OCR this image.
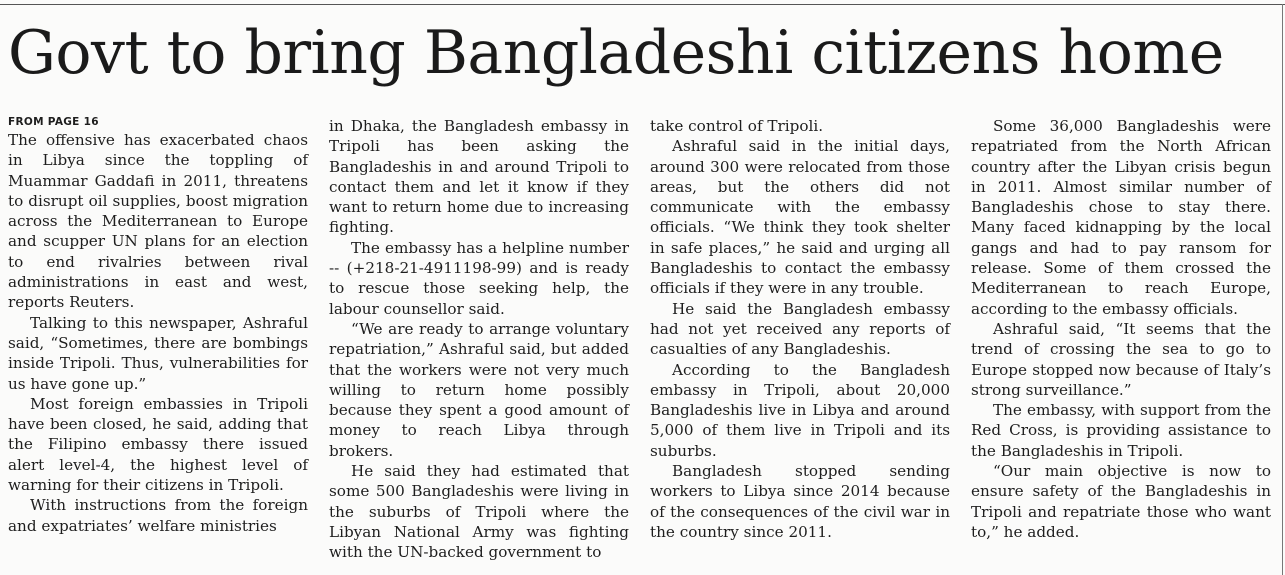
Govt to bring Bangladeshi citizens home
FROM PAGE 16

The offensive has exacerbated chaos in Libya since the toppling of Muammar Gaddafi in 2011, threatens to disrupt oil supplies, boost migration across the Mediterranean to Europe and scupper UN plans for an election to end rivalries between rival administrations in east and west, reports Reuters.

Talking to this newspaper, Ashraful said, “Sometimes, there are bombings inside Tripoli. Thus, vulnerabilities for us have gone up.”

Most foreign embassies in Tripoli have been closed, he said, adding that the Filipino embassy there issued alert level-4, the highest level of warning for their citizens in Tripoli.

With instructions from the foreign and expatriates’ welfare ministries

in Dhaka, the Bangladesh embassy in Tripoli has been asking the Bangladeshis in and around Tripoli to contact them and let it know if they want to return home due to increasing fighting.

The embassy has a helpline number -- (+218-21-4911198-99) and is ready to rescue those seeking help, the labour counsellor said.

“We are ready to arrange voluntary repatriation,” Ashraful said, but added that the workers were not very much willing to return home possibly because they spent a good amount of money to reach Libya through brokers.

He said they had estimated that some 500 Bangladeshis were living in the suburbs of Tripoli where the Libyan National Army was fighting with the UN-backed government to

take control of Tripoli.

Ashraful said in the initial days, around 300 were relocated from those areas, but the others did not communicate with the embassy officials. “We think they took shelter in safe places,” he said and urging all Bangladeshis to contact the embassy officials if they were in any trouble.

He said the Bangladesh embassy had not yet received any reports of casualties of any Bangladeshis.

According to the Bangladesh embassy in Tripoli, about 20,000 Bangladeshis live in Libya and around 5,000 of them live in Tripoli and its suburbs.

Bangladesh stopped sending workers to Libya since 2014 because of the consequences of the civil war in the country since 2011.

Some 36,000 Bangladeshis were repatriated from the North African country after the Libyan crisis begun in 2011. Almost similar number of Bangladeshis chose to stay there. Many faced kidnapping by the local gangs and had to pay ransom for release. Some of them crossed the Mediterranean to reach Europe, according to the embassy officials.

Ashraful said, “It seems that the trend of crossing the sea to go to Europe stopped now because of Italy’s strong surveillance.”

The embassy, with support from the Red Cross, is providing assistance to the Bangladeshis in Tripoli.

“Our main objective is now to ensure safety of the Bangladeshis in Tripoli and repatriate those who want to,” he added.
